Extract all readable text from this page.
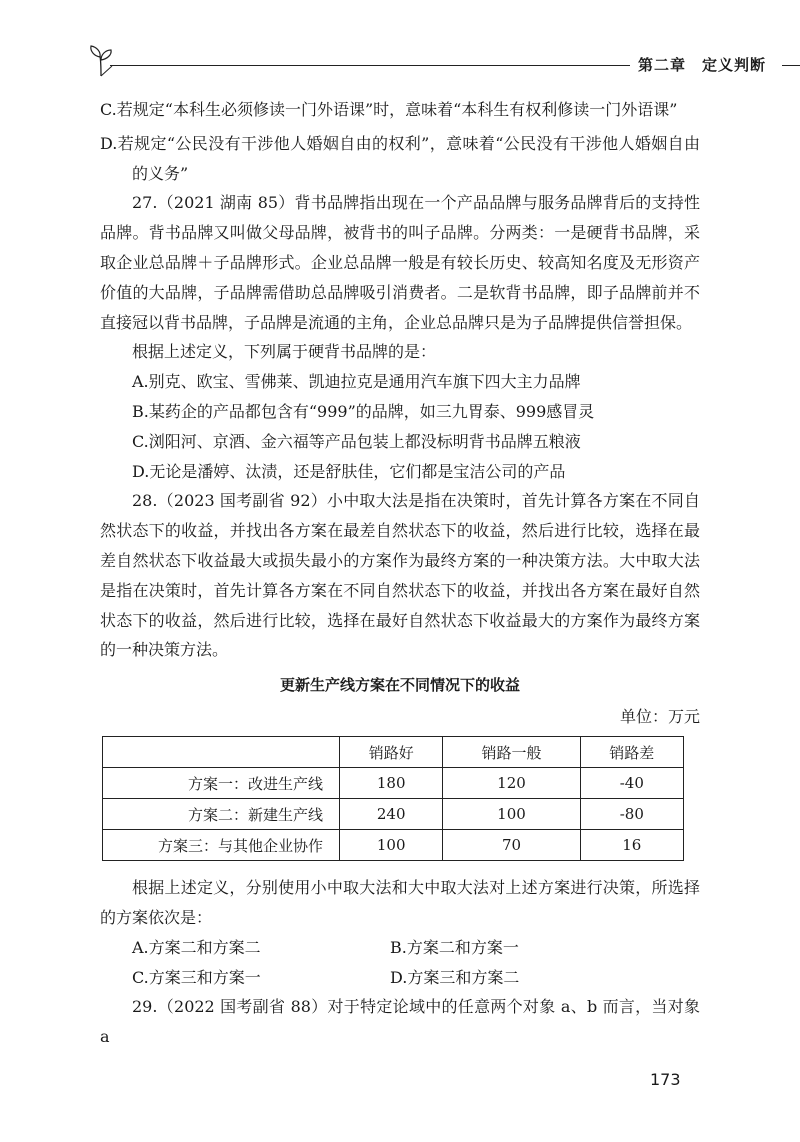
第二章 定义判断

C.若规定“本科生必须修读一门外语课”时，意味着“本科生有权利修读一门外语课”

D.若规定“公民没有干涉他人婚姻自由的权利”，意味着“公民没有干涉他人婚姻自由的义务”

27.（2021 湖南 85）背书品牌指出现在一个产品品牌与服务品牌背后的支持性品牌。背书品牌又叫做父母品牌，被背书的叫子品牌。分两类：一是硬背书品牌，采取企业总品牌＋子品牌形式。企业总品牌一般是有较长历史、较高知名度及无形资产价值的大品牌，子品牌需借助总品牌吸引消费者。二是软背书品牌，即子品牌前并不直接冠以背书品牌，子品牌是流通的主角，企业总品牌只是为子品牌提供信誉担保。

根据上述定义，下列属于硬背书品牌的是：

A.别克、欧宝、雪佛莱、凯迪拉克是通用汽车旗下四大主力品牌

B.某药企的产品都包含有“999”的品牌，如三九胃泰、999感冒灵

C.浏阳河、京酒、金六福等产品包装上都没标明背书品牌五粮液

D.无论是潘婷、汰渍，还是舒肤佳，它们都是宝洁公司的产品

28.（2023 国考副省 92）小中取大法是指在决策时，首先计算各方案在不同自然状态下的收益，并找出各方案在最差自然状态下的收益，然后进行比较，选择在最差自然状态下收益最大或损失最小的方案作为最终方案的一种决策方法。大中取大法是指在决策时，首先计算各方案在不同自然状态下的收益，并找出各方案在最好自然状态下的收益，然后进行比较，选择在最好自然状态下收益最大的方案作为最终方案的一种决策方法。

更新生产线方案在不同情况下的收益
单位：万元
	销路好	销路一般	销路差
方案一：改进生产线	180	120	-40
方案二：新建生产线	240	100	-80
方案三：与其他企业协作	100	70	16

根据上述定义，分别使用小中取大法和大中取大法对上述方案进行决策，所选择的方案依次是：

A.方案二和方案二	B.方案二和方案一

C.方案三和方案一	D.方案三和方案二

29.（2022 国考副省 88）对于特定论域中的任意两个对象 a、b 而言，当对象 a

173
